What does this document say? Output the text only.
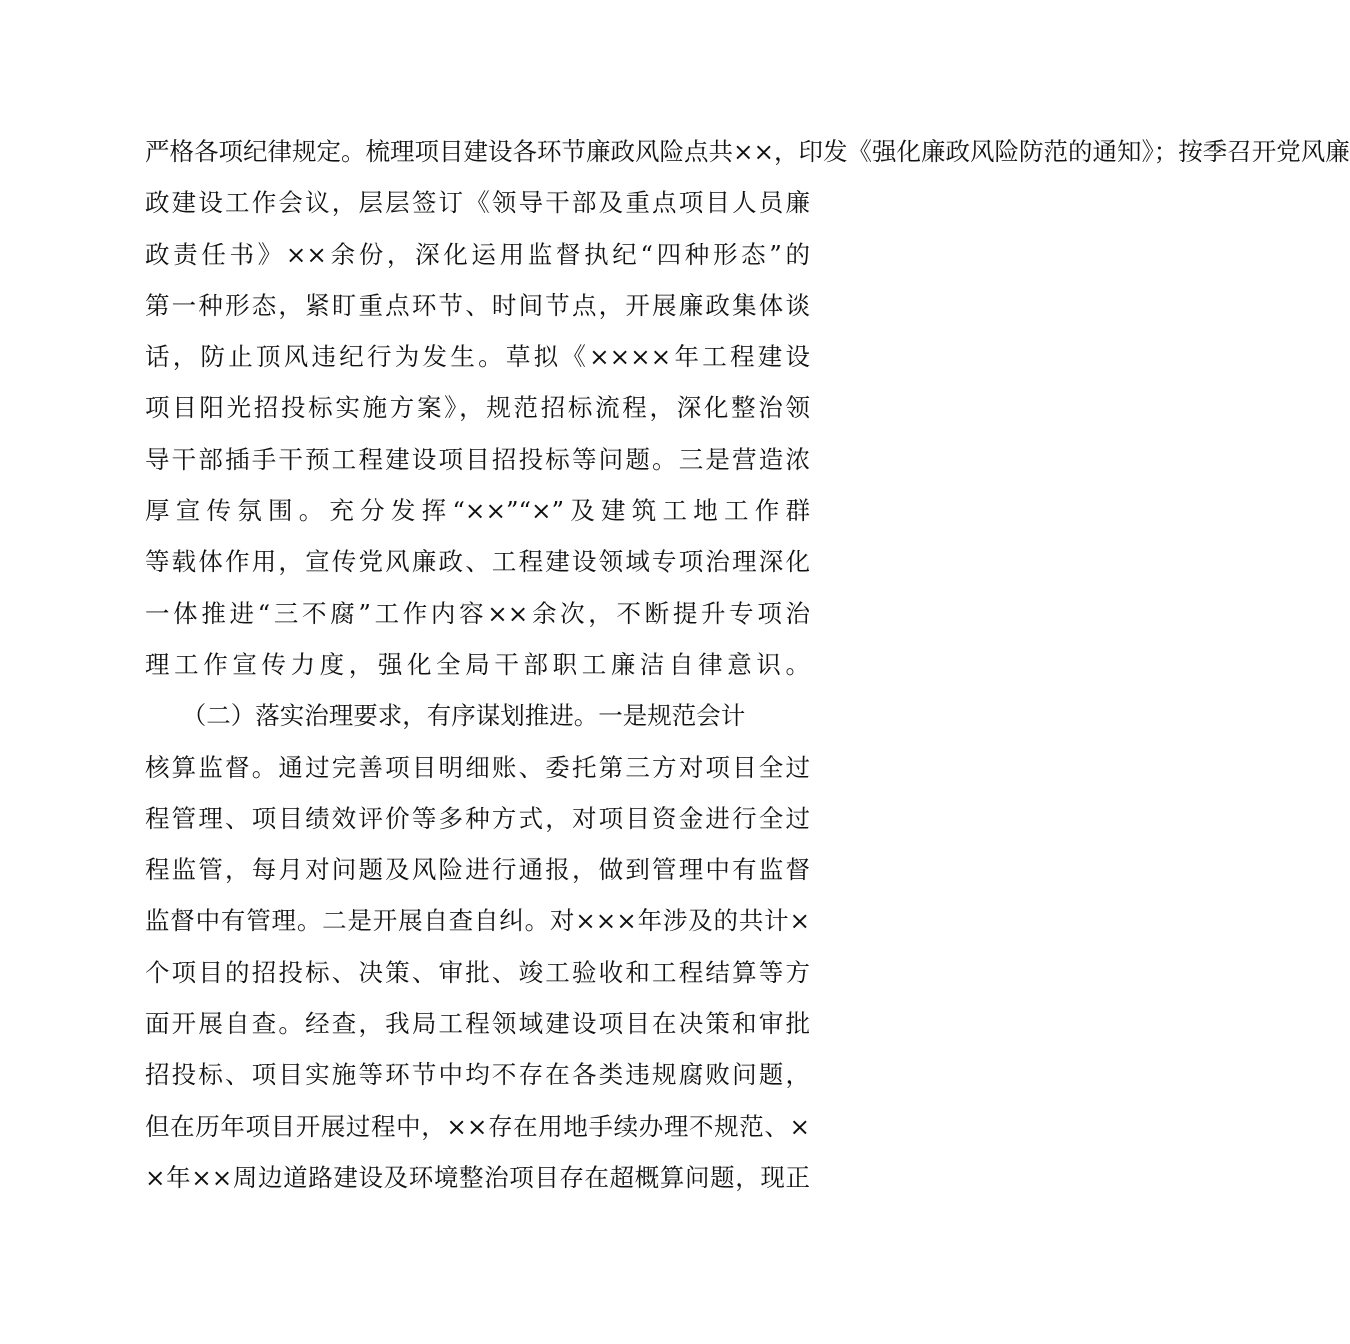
严格各项纪律规定。梳理项目建设各环节廉政风险点共××，印发《强化廉政风险防范的通知》；按季召开党风廉
政建设工作会议，层层签订《领导干部及重点项目人员廉
政责任书》××余份，深化运用监督执纪“四种形态”的
第一种形态，紧盯重点环节、时间节点，开展廉政集体谈
话，防止顶风违纪行为发生。草拟《××××年工程建设
项目阳光招投标实施方案》，规范招标流程，深化整治领
导干部插手干预工程建设项目招投标等问题。三是营造浓
厚宣传氛围。充分发挥“××”“×”及建筑工地工作群
等载体作用，宣传党风廉政、工程建设领域专项治理深化
一体推进“三不腐”工作内容××余次，不断提升专项治
理工作宣传力度，强化全局干部职工廉洁自律意识。
　　（二）落实治理要求，有序谋划推进。一是规范会计
核算监督。通过完善项目明细账、委托第三方对项目全过
程管理、项目绩效评价等多种方式，对项目资金进行全过
程监管，每月对问题及风险进行通报，做到管理中有监督
监督中有管理。二是开展自查自纠。对×××年涉及的共计×
个项目的招投标、决策、审批、竣工验收和工程结算等方
面开展自查。经查，我局工程领域建设项目在决策和审批
招投标、项目实施等环节中均不存在各类违规腐败问题，
但在历年项目开展过程中，××存在用地手续办理不规范、×
×年××周边道路建设及环境整治项目存在超概算问题，现正
